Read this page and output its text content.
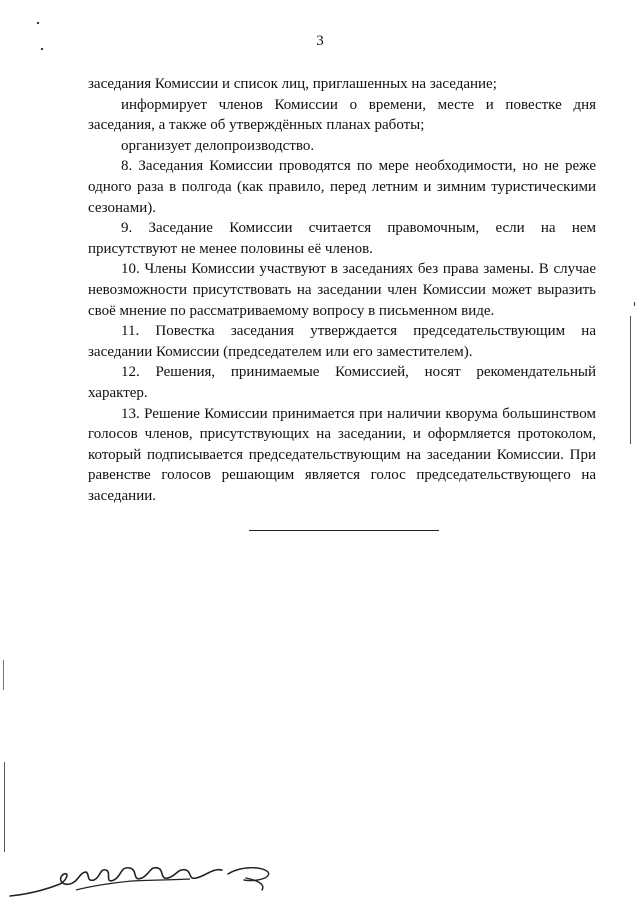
3

заседания Комиссии и список лиц, приглашенных на заседание;

информирует членов Комиссии о времени, месте и повестке дня заседания, а также об утверждённых планах работы;

организует делопроизводство.

8. Заседания Комиссии проводятся по мере необходимости, но не реже одного раза в полгода (как правило, перед летним и зимним туристическими сезонами).

9. Заседание Комиссии считается правомочным, если на нем присутствуют не менее половины её членов.

10. Члены Комиссии участвуют в заседаниях без права замены. В случае невозможности присутствовать на заседании член Комиссии может выразить своё мнение по рассматриваемому вопросу в письменном виде.

11. Повестка заседания утверждается председательствующим на заседании Комиссии (председателем или его заместителем).

12. Решения, принимаемые Комиссией, носят рекомендательный характер.

13. Решение Комиссии принимается при наличии кворума большинством голосов членов, присутствующих на заседании, и оформляется протоколом, который подписывается председательствующим на заседании Комиссии. При равенстве голосов решающим является голос председательствующего на заседании.
